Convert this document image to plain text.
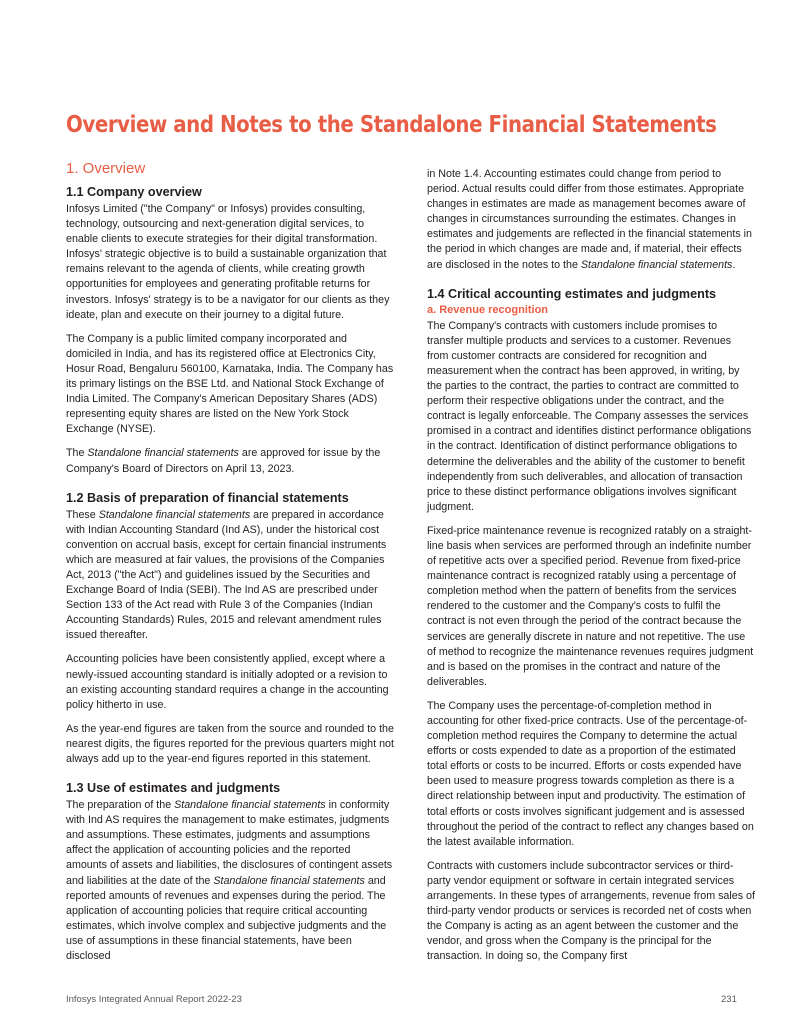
Overview and Notes to the Standalone Financial Statements
1. Overview
1.1 Company overview

Infosys Limited ("the Company" or Infosys) provides consulting, technology, outsourcing and next-generation digital services, to enable clients to execute strategies for their digital transformation. Infosys' strategic objective is to build a sustainable organization that remains relevant to the agenda of clients, while creating growth opportunities for employees and generating profitable returns for investors. Infosys' strategy is to be a navigator for our clients as they ideate, plan and execute on their journey to a digital future.

The Company is a public limited company incorporated and domiciled in India, and has its registered office at Electronics City, Hosur Road, Bengaluru 560100, Karnataka, India. The Company has its primary listings on the BSE Ltd. and National Stock Exchange of India Limited. The Company's American Depositary Shares (ADS) representing equity shares are listed on the New York Stock Exchange (NYSE).

The Standalone financial statements are approved for issue by the Company's Board of Directors on April 13, 2023.

1.2 Basis of preparation of financial statements

These Standalone financial statements are prepared in accordance with Indian Accounting Standard (Ind AS), under the historical cost convention on accrual basis, except for certain financial instruments which are measured at fair values, the provisions of the Companies Act, 2013 ("the Act") and guidelines issued by the Securities and Exchange Board of India (SEBI). The Ind AS are prescribed under Section 133 of the Act read with Rule 3 of the Companies (Indian Accounting Standards) Rules, 2015 and relevant amendment rules issued thereafter.

Accounting policies have been consistently applied, except where a newly-issued accounting standard is initially adopted or a revision to an existing accounting standard requires a change in the accounting policy hitherto in use.

As the year-end figures are taken from the source and rounded to the nearest digits, the figures reported for the previous quarters might not always add up to the year-end figures reported in this statement.

1.3 Use of estimates and judgments

The preparation of the Standalone financial statements in conformity with Ind AS requires the management to make estimates, judgments and assumptions. These estimates, judgments and assumptions affect the application of accounting policies and the reported amounts of assets and liabilities, the disclosures of contingent assets and liabilities at the date of the Standalone financial statements and reported amounts of revenues and expenses during the period. The application of accounting policies that require critical accounting estimates, which involve complex and subjective judgments and the use of assumptions in these financial statements, have been disclosed

in Note 1.4. Accounting estimates could change from period to period. Actual results could differ from those estimates. Appropriate changes in estimates are made as management becomes aware of changes in circumstances surrounding the estimates. Changes in estimates and judgements are reflected in the financial statements in the period in which changes are made and, if material, their effects are disclosed in the notes to the Standalone financial statements.

1.4 Critical accounting estimates and judgments
a. Revenue recognition

The Company's contracts with customers include promises to transfer multiple products and services to a customer. Revenues from customer contracts are considered for recognition and measurement when the contract has been approved, in writing, by the parties to the contract, the parties to contract are committed to perform their respective obligations under the contract, and the contract is legally enforceable. The Company assesses the services promised in a contract and identifies distinct performance obligations in the contract. Identification of distinct performance obligations to determine the deliverables and the ability of the customer to benefit independently from such deliverables, and allocation of transaction price to these distinct performance obligations involves significant judgment.

Fixed-price maintenance revenue is recognized ratably on a straight-line basis when services are performed through an indefinite number of repetitive acts over a specified period. Revenue from fixed-price maintenance contract is recognized ratably using a percentage of completion method when the pattern of benefits from the services rendered to the customer and the Company's costs to fulfil the contract is not even through the period of the contract because the services are generally discrete in nature and not repetitive. The use of method to recognize the maintenance revenues requires judgment and is based on the promises in the contract and nature of the deliverables.

The Company uses the percentage-of-completion method in accounting for other fixed-price contracts. Use of the percentage-of-completion method requires the Company to determine the actual efforts or costs expended to date as a proportion of the estimated total efforts or costs to be incurred. Efforts or costs expended have been used to measure progress towards completion as there is a direct relationship between input and productivity. The estimation of total efforts or costs involves significant judgement and is assessed throughout the period of the contract to reflect any changes based on the latest available information.

Contracts with customers include subcontractor services or third-party vendor equipment or software in certain integrated services arrangements. In these types of arrangements, revenue from sales of third-party vendor products or services is recorded net of costs when the Company is acting as an agent between the customer and the vendor, and gross when the Company is the principal for the transaction. In doing so, the Company first

Infosys Integrated Annual Report 2022-23	231
